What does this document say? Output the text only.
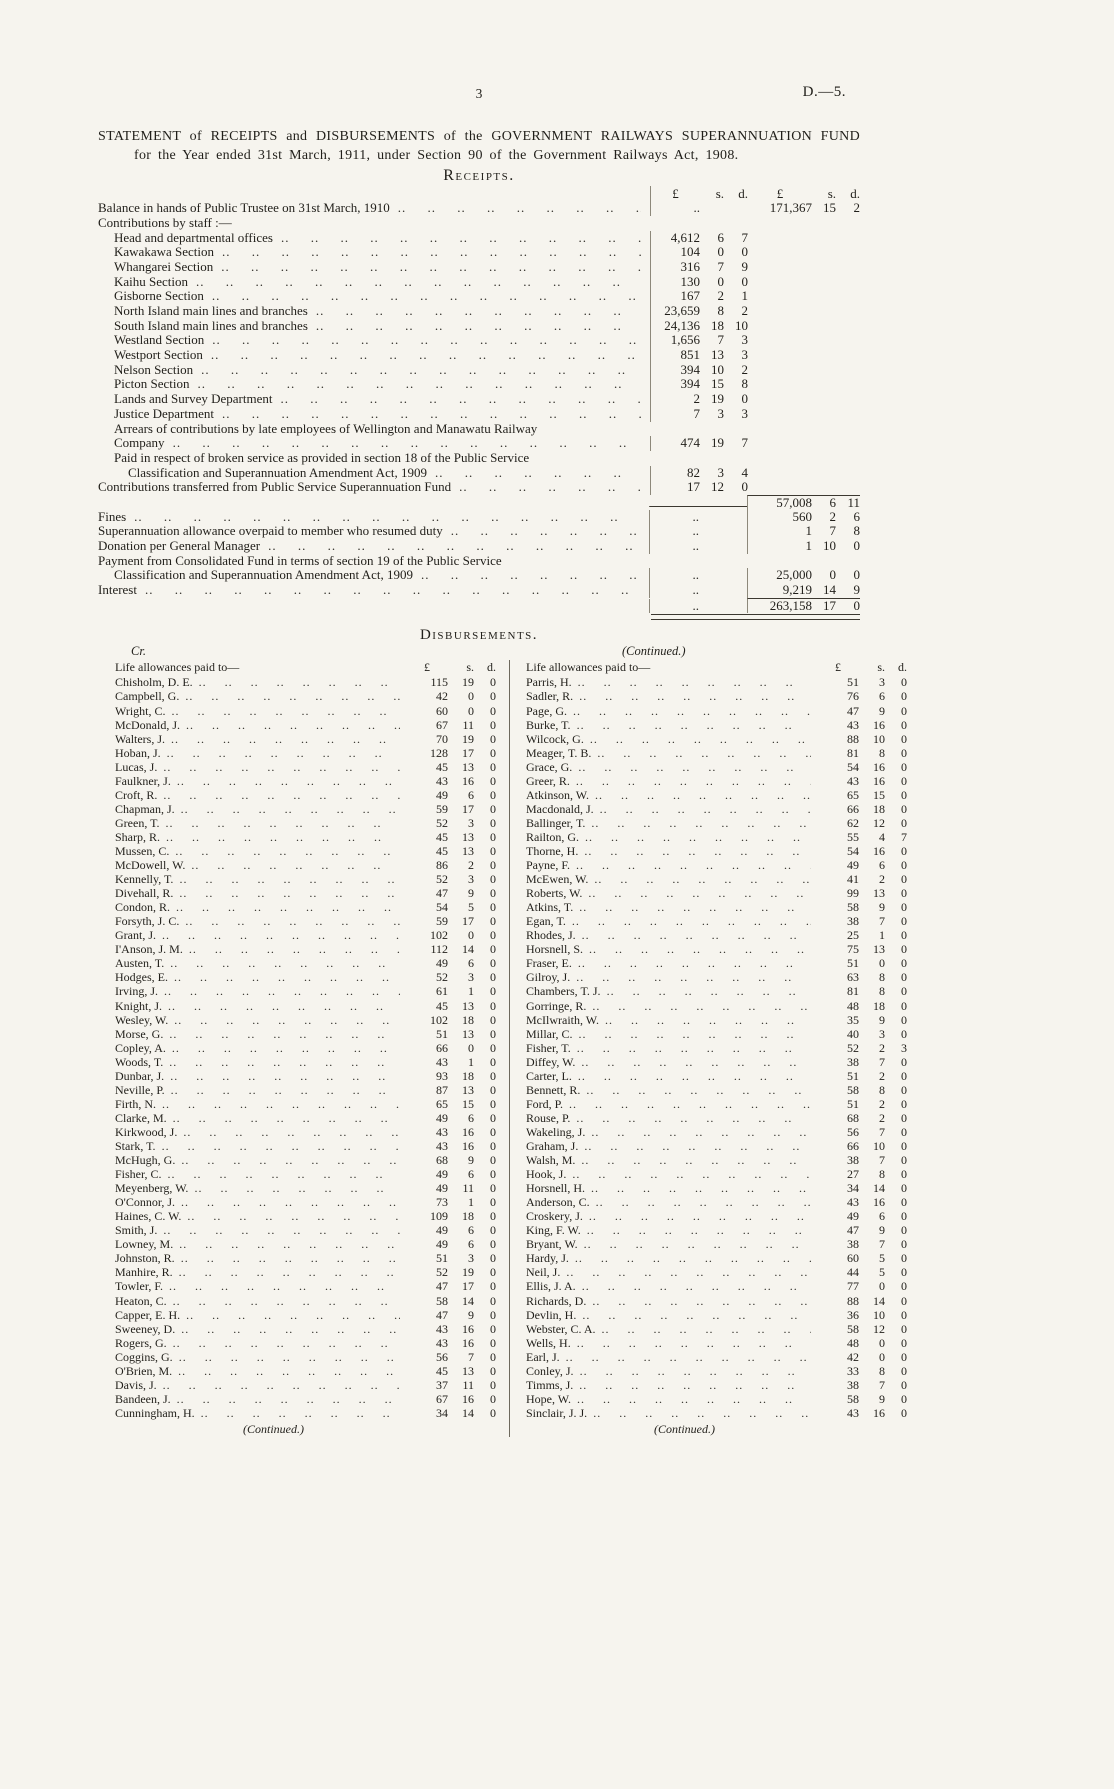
3	D.—5.
STATEMENT of RECEIPTS and DISBURSEMENTS of the GOVERNMENT RAILWAYS SUPERANNUATION FUND for the Year ended 31st March, 1911, under Section 90 of the Government Railways Act, 1908.
Receipts.
£	s.	d.	£	s.	d.
Balance in hands of Public Trustee on 31st March, 1910 .. ..	..	171,367 15	2
Contributions by staff :—
Head and departmental offices .. ..	4,612	6	7
Kawakawa Section .. ..	104	0	0
Whangarei Section .. ..	316	7	9
Kaihu Section .. ..	130	0	0
Gisborne Section .. ..	167	2	1
North Island main lines and branches .. ..	23,659	8	2
South Island main lines and branches .. ..	24,136 18 10
Westland Section .. ..	1,656	7	3
Westport Section .. ..	851 13	3
Nelson Section .. ..	394 10	2
Picton Section .. ..	394 15	8
Lands and Survey Department .. ..	2 19	0
Justice Department .. ..	7	3	3
Arrears of contributions by late employees of Wellington and Manawatu Railway
Company .. ..	474 19	7
Paid in respect of broken service as provided in section 18 of the Public Service
Classification and Superannuation Amendment Act, 1909 .. ..	82	3	4
Contributions transferred from Public Service Superannuation Fund .. ..	17 12	0
57,008	6 11
Fines .. ..	..	560	2	6
Superannuation allowance overpaid to member who resumed duty .. ..	..	1	7	8
Donation per General Manager .. ..	..	1 10	0
Payment from Consolidated Fund in terms of section 19 of the Public Service
Classification and Superannuation Amendment Act, 1909 .. ..	..	25,000	0	0
Interest .. ..	..	9,219 14	9
..	263,158 17	0
Disbursements.
Cr.	(Continued.)
Life allowances paid to—	£	s.	d.
Chisholm, D. E. .. ..	115	19	0
Campbell, G. .. ..	42	0	0
Wright, C. .. ..	60	0	0
McDonald, J. .. ..	67	11	0
Walters, J. .. ..	70	19	0
Hoban, J. .. ..	128	17	0
Lucas, J. .. ..	45	13	0
Faulkner, J. .. ..	43	16	0
Croft, R. .. ..	49	6	0
Chapman, J. .. ..	59	17	0
Green, T. .. ..	52	3	0
Sharp, R. .. ..	45	13	0
Mussen, C. .. ..	45	13	0
McDowell, W. .. ..	86	2	0
Kennelly, T. .. ..	52	3	0
Divehall, R. .. ..	47	9	0
Condon, R. .. ..	54	5	0
Forsyth, J. C. .. ..	59	17	0
Grant, J. .. ..	102	0	0
I'Anson, J. M. .. ..	112	14	0
Austen, T. .. ..	49	6	0
Hodges, E. .. ..	52	3	0
Irving, J. .. ..	61	1	0
Knight, J. .. ..	45	13	0
Wesley, W. .. ..	102	18	0
Morse, G. .. ..	51	13	0
Copley, A. .. ..	66	0	0
Woods, T. .. ..	43	1	0
Dunbar, J. .. ..	93	18	0
Neville, P. .. ..	87	13	0
Firth, N. .. ..	65	15	0
Clarke, M. .. ..	49	6	0
Kirkwood, J. .. ..	43	16	0
Stark, T. .. ..	43	16	0
McHugh, G. .. ..	68	9	0
Fisher, C. .. ..	49	6	0
Meyenberg, W. .. ..	49	11	0
O'Connor, J. .. ..	73	1	0
Haines, C. W. .. ..	109	18	0
Smith, J. .. ..	49	6	0
Lowney, M. .. ..	49	6	0
Johnston, R. .. ..	51	3	0
Manhire, R. .. ..	52	19	0
Towler, F. .. ..	47	17	0
Heaton, C. .. ..	58	14	0
Capper, E. H. .. ..	47	9	0
Sweeney, D. .. ..	43	16	0
Rogers, G. .. ..	43	16	0
Coggins, G. .. ..	56	7	0
O'Brien, M. .. ..	45	13	0
Davis, J. .. ..	37	11	0
Bandeen, J. .. ..	67	16	0
Cunningham, H. .. ..	34	14	0
(Continued.)
Life allowances paid to—	£	s.	d.
Parris, H. .. ..	51	3	0
Sadler, R. .. ..	76	6	0
Page, G. .. ..	47	9	0
Burke, T. .. ..	43	16	0
Wilcock, G. .. ..	88	10	0
Meager, T. B. .. ..	81	8	0
Grace, G. .. ..	54	16	0
Greer, R. .. ..	43	16	0
Atkinson, W. .. ..	65	15	0
Macdonald, J. .. ..	66	18	0
Ballinger, T. .. ..	62	12	0
Railton, G. .. ..	55	4	7
Thorne, H. .. ..	54	16	0
Payne, F. .. ..	49	6	0
McEwen, W. .. ..	41	2	0
Roberts, W. .. ..	99	13	0
Atkins, T. .. ..	58	9	0
Egan, T. .. ..	38	7	0
Rhodes, J. .. ..	25	1	0
Horsnell, S. .. ..	75	13	0
Fraser, E. .. ..	51	0	0
Gilroy, J. .. ..	63	8	0
Chambers, T. J. .. ..	81	8	0
Gorringe, R. .. ..	48	18	0
McIlwraith, W. .. ..	35	9	0
Millar, C. .. ..	40	3	0
Fisher, T. .. ..	52	2	3
Diffey, W. .. ..	38	7	0
Carter, L. .. ..	51	2	0
Bennett, R. .. ..	58	8	0
Ford, P. .. ..	51	2	0
Rouse, P. .. ..	68	2	0
Wakeling, J. .. ..	56	7	0
Graham, J. .. ..	66	10	0
Walsh, M. .. ..	38	7	0
Hook, J. .. ..	27	8	0
Horsnell, H. .. ..	34	14	0
Anderson, C. .. ..	43	16	0
Croskery, J. .. ..	49	6	0
King, F. W. .. ..	47	9	0
Bryant, W. .. ..	38	7	0
Hardy, J. .. ..	60	5	0
Neil, J. .. ..	44	5	0
Ellis, J. A. .. ..	77	0	0
Richards, D. .. ..	88	14	0
Devlin, H. .. ..	36	10	0
Webster, C. A. .. ..	58	12	0
Wells, H. .. ..	48	0	0
Earl, J. .. ..	42	0	0
Conley, J. .. ..	33	8	0
Timms, J. .. ..	38	7	0
Hope, W. .. ..	58	9	0
Sinclair, J. J. .. ..	43	16	0
(Continued.)
